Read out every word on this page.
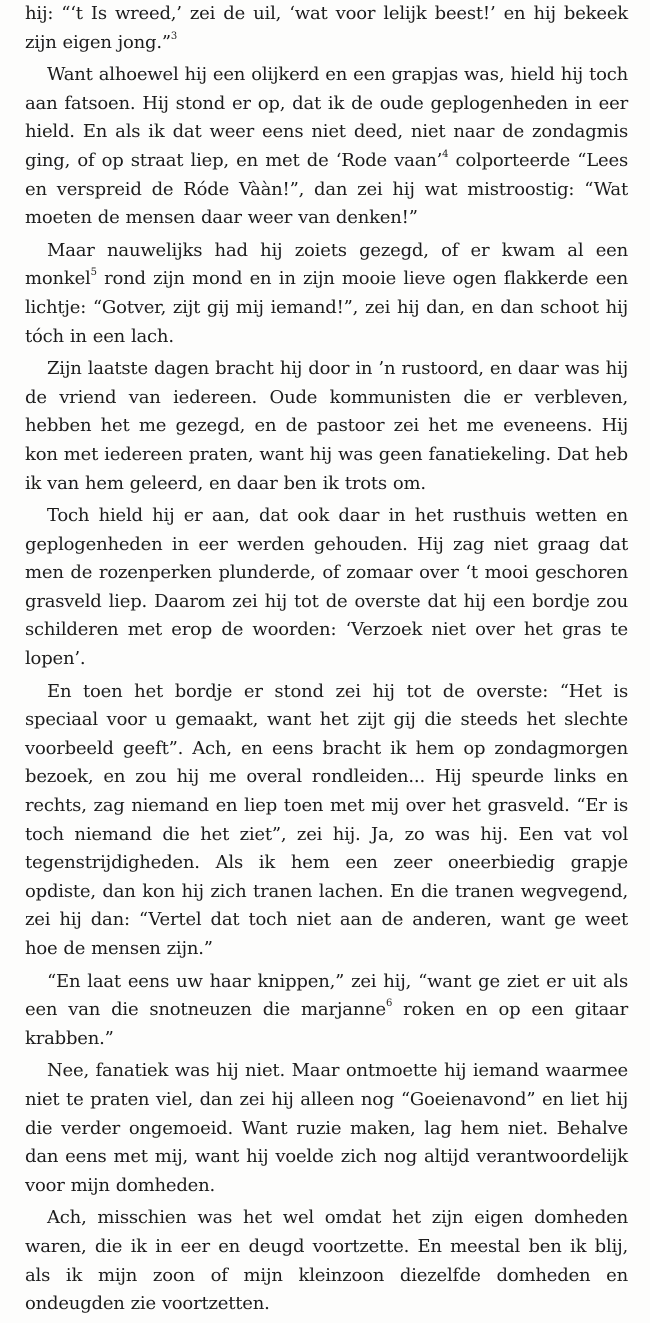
hij: “‘t Is wreed,’ zei de uil, ‘wat voor lelijk beest!’ en hij bekeek zijn eigen jong.”$^3$

Want alhoewel hij een olijkerd en een grapjas was, hield hij toch aan fatsoen. Hij stond er op, dat ik de oude geplogenheden in eer hield. En als ik dat weer eens niet deed, niet naar de zondagmis ging, of op straat liep, en met de ‘Rode vaan’$^4$ colporteerde “Lees en verspreid de Róde Vààn!”, dan zei hij wat mistroostig: “Wat moeten de mensen daar weer van denken!”

Maar nauwelijks had hij zoiets gezegd, of er kwam al een monkel$^5$ rond zijn mond en in zijn mooie lieve ogen flakkerde een lichtje: “Gotver, zijt gij mij iemand!”, zei hij dan, en dan schoot hij tóch in een lach.

Zijn laatste dagen bracht hij door in ’n rustoord, en daar was hij de vriend van iedereen. Oude kommunisten die er verbleven, hebben het me gezegd, en de pastoor zei het me eveneens. Hij kon met iedereen praten, want hij was geen fanatiekeling. Dat heb ik van hem geleerd, en daar ben ik trots om.

Toch hield hij er aan, dat ook daar in het rusthuis wetten en geplogenheden in eer werden gehouden. Hij zag niet graag dat men de rozenperken plunderde, of zomaar over ‘t mooi geschoren grasveld liep. Daarom zei hij tot de overste dat hij een bordje zou schilderen met erop de woorden: ‘Verzoek niet over het gras te lopen’.

En toen het bordje er stond zei hij tot de overste: “Het is speciaal voor u gemaakt, want het zijt gij die steeds het slechte voorbeeld geeft”. Ach, en eens bracht ik hem op zondagmorgen bezoek, en zou hij me overal rondleiden... Hij speurde links en rechts, zag niemand en liep toen met mij over het grasveld. “Er is toch niemand die het ziet”, zei hij. Ja, zo was hij. Een vat vol tegenstrijdigheden. Als ik hem een zeer oneerbiedig grapje opdiste, dan kon hij zich tranen lachen. En die tranen wegvegend, zei hij dan: “Vertel dat toch niet aan de anderen, want ge weet hoe de mensen zijn.”

“En laat eens uw haar knippen,” zei hij, “want ge ziet er uit als een van die snotneuzen die marjanne$^6$ roken en op een gitaar krabben.”

Nee, fanatiek was hij niet. Maar ontmoette hij iemand waarmee niet te praten viel, dan zei hij alleen nog “Goeienavond” en liet hij die verder ongemoeid. Want ruzie maken, lag hem niet. Behalve dan eens met mij, want hij voelde zich nog altijd verantwoordelijk voor mijn domheden.

Ach, misschien was het wel omdat het zijn eigen domheden waren, die ik in eer en deugd voortzette. En meestal ben ik blij, als ik mijn zoon of mijn kleinzoon diezelfde domheden en ondeugden zie voortzetten.
